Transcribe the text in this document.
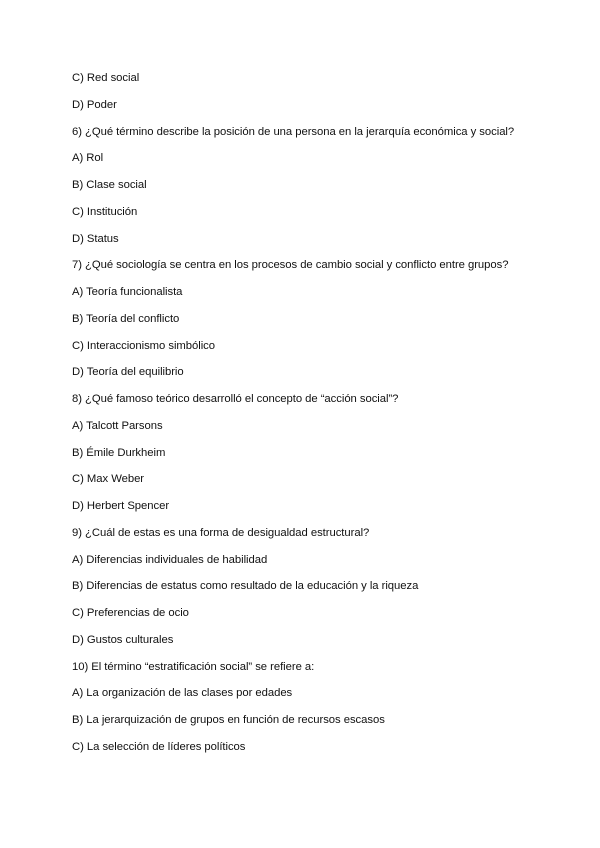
C) Red social
D) Poder
6) ¿Qué término describe la posición de una persona en la jerarquía económica y social?
A) Rol
B) Clase social
C) Institución
D) Status
7) ¿Qué sociología se centra en los procesos de cambio social y conflicto entre grupos?
A) Teoría funcionalista
B) Teoría del conflicto
C) Interaccionismo simbólico
D) Teoría del equilibrio
8) ¿Qué famoso teórico desarrolló el concepto de “acción social”?
A) Talcott Parsons
B) Émile Durkheim
C) Max Weber
D) Herbert Spencer
9) ¿Cuál de estas es una forma de desigualdad estructural?
A) Diferencias individuales de habilidad
B) Diferencias de estatus como resultado de la educación y la riqueza
C) Preferencias de ocio
D) Gustos culturales
10) El término “estratificación social” se refiere a:
A) La organización de las clases por edades
B) La jerarquización de grupos en función de recursos escasos
C) La selección de líderes políticos
